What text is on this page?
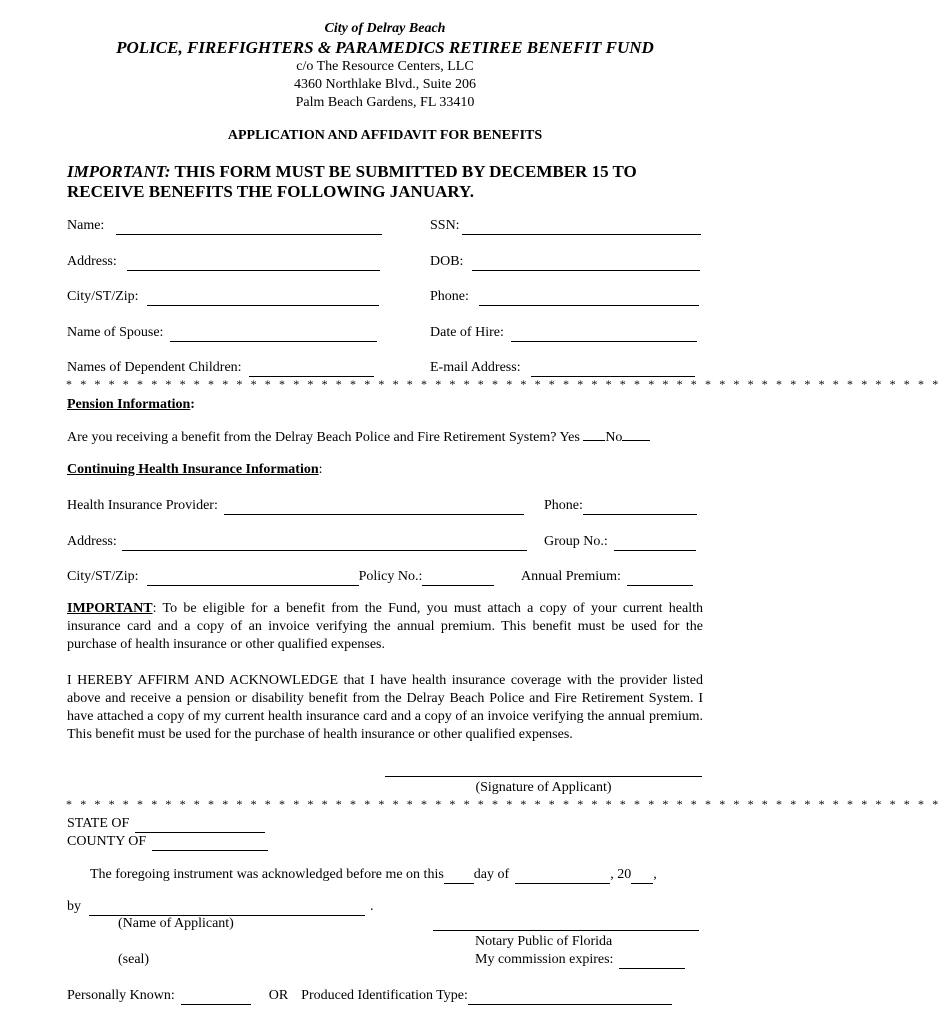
City of Delray Beach
POLICE, FIREFIGHTERS & PARAMEDICS RETIREE BENEFIT FUND
c/o The Resource Centers, LLC
4360 Northlake Blvd., Suite 206
Palm Beach Gardens, FL 33410
APPLICATION AND AFFIDAVIT FOR BENEFITS
IMPORTANT: THIS FORM MUST BE SUBMITTED BY DECEMBER 15 TO
RECEIVE BENEFITS THE FOLLOWING JANUARY.
Name:	SSN:
Address:	DOB:
City/ST/Zip:	Phone:
Name of Spouse:	Date of Hire:
Names of Dependent Children:	E-mail Address:
* * * * * * * * * * * * * * * * * * * * * * * * * * * * * * * * * * * * * * * * * * * * * * * * * * * * * * * * * * * * * *
Pension Information:
Are you receiving a benefit from the Delray Beach Police and Fire Retirement System? Yes No
Continuing Health Insurance Information:
Health Insurance Provider:	Phone:
Address:	Group No.:
City/ST/Zip:	Policy No.:	Annual Premium:
IMPORTANT: To be eligible for a benefit from the Fund, you must attach a copy of your current health insurance card and a copy of an invoice verifying the annual premium. This benefit must be used for the purchase of health insurance or other qualified expenses.
I HEREBY AFFIRM AND ACKNOWLEDGE that I have health insurance coverage with the provider listed above and receive a pension or disability benefit from the Delray Beach Police and Fire Retirement System. I have attached a copy of my current health insurance card and a copy of an invoice verifying the annual premium. This benefit must be used for the purchase of health insurance or other qualified expenses.
(Signature of Applicant)
* * * * * * * * * * * * * * * * * * * * * * * * * * * * * * * * * * * * * * * * * * * * * * * * * * * * * * * * * * * * * *
STATE OF
COUNTY OF
The foregoing instrument was acknowledged before me on this day of	, 20 ,
by	.
(Name of Applicant)
Notary Public of Florida
(seal)	My commission expires:
Personally Known:	OR Produced Identification Type:
